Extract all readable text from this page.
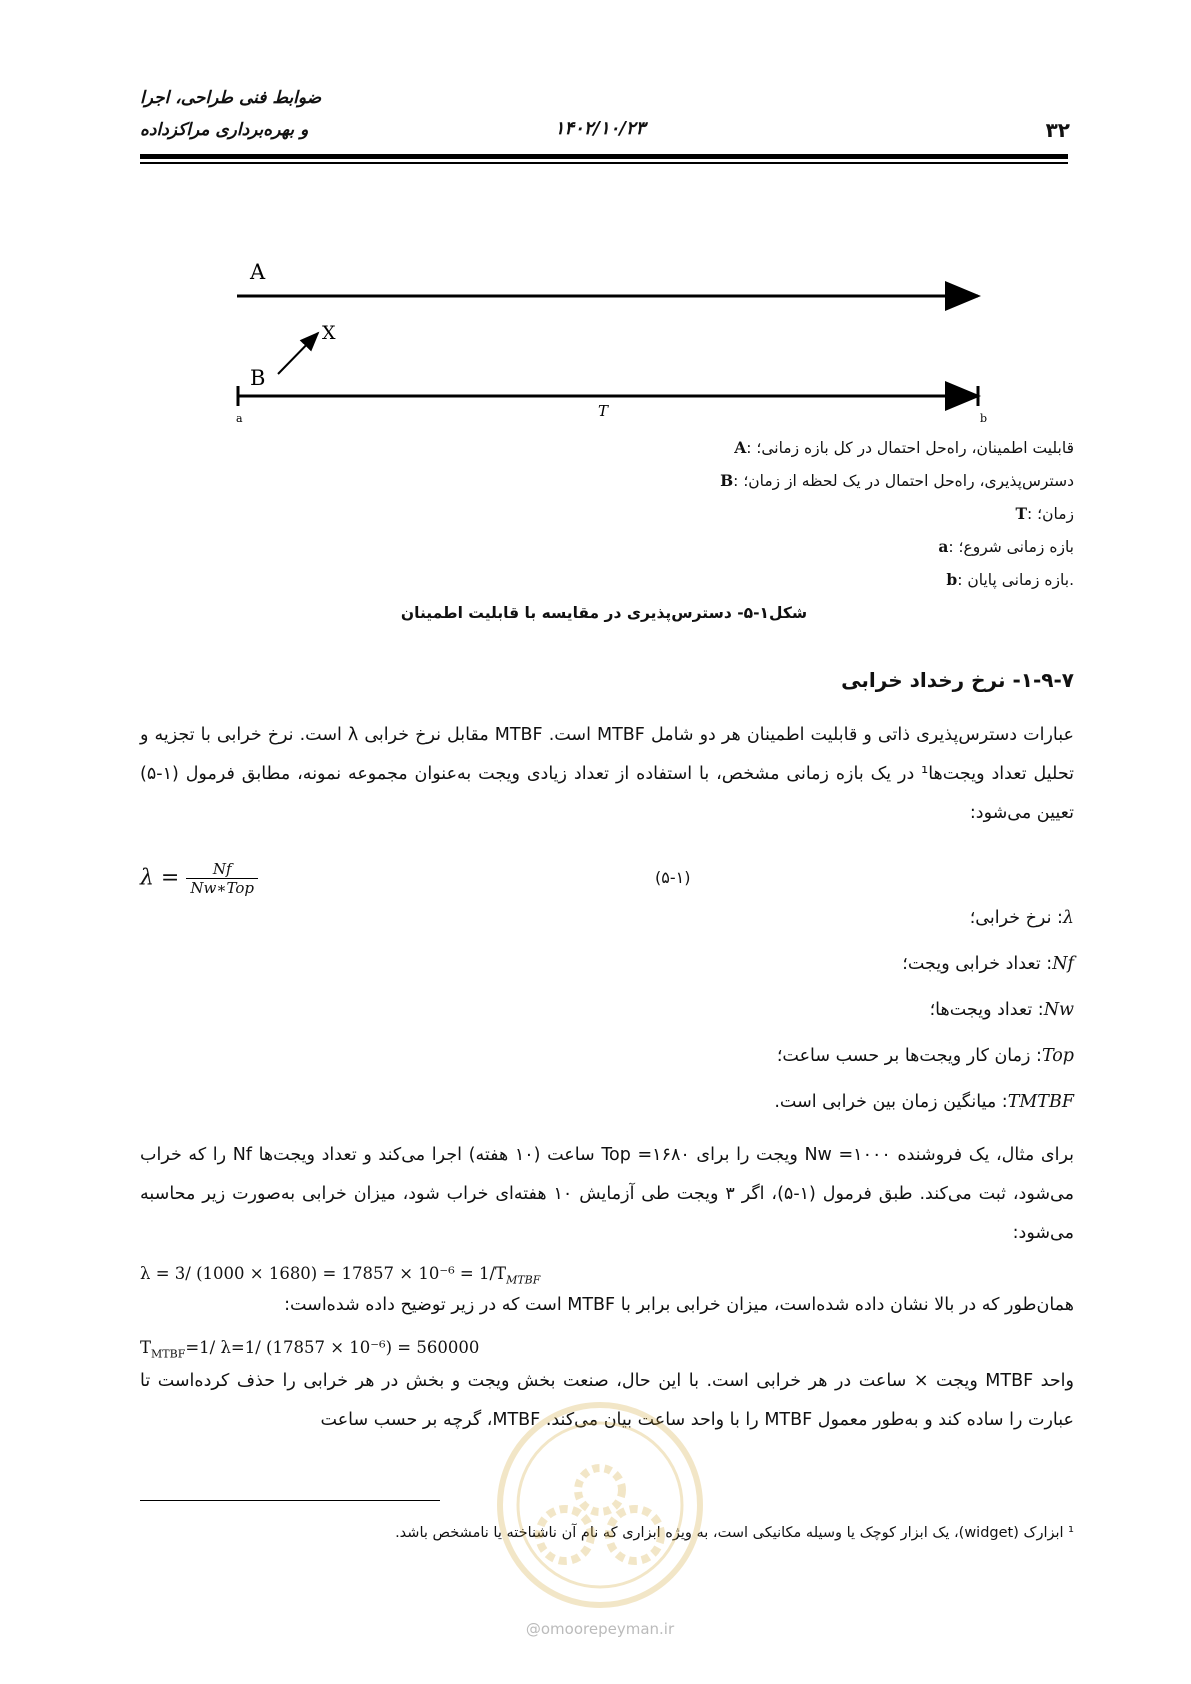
ضوابط فنی طراحی، اجرا
و بهره‌برداری مراکزداده	۱۴۰۲/۱۰/۲۳	۳۲
A
X
B
T
a	b
A: قابلیت اطمینان، راه‌حل احتمال در کل بازه زمانی؛
B: دسترس‌پذیری، راه‌حل احتمال در یک لحظه از زمان؛
T: زمان؛
a: بازه زمانی شروع؛
b: بازه زمانی پایان.
شکل۱-۵- دسترس‌پذیری در مقایسه با قابلیت اطمینان
۱-۹-۷- نرخ رخداد خرابی
عبارات دسترس‌پذیری ذاتی و قابلیت اطمینان هر دو شامل MTBF است. MTBF مقابل نرخ خرابی λ است. نرخ خرابی با تجزیه و تحلیل تعداد ویجت‌ها¹ در یک بازه زمانی مشخص، با استفاده از تعداد زیادی ویجت به‌عنوان مجموعه نمونه، مطابق فرمول (۱-۵) تعیین می‌شود:
$\lambda = \frac{Nf}{\text{Nw∗Top}}$	(۵-۱)
λ: نرخ خرابی؛
Nf: تعداد خرابی ویجت؛
Nw: تعداد ویجت‌ها؛
Top: زمان کار ویجت‌ها بر حسب ساعت؛
TMTBF: میانگین زمان بین خرابی است.
برای مثال، یک فروشنده ۱۰۰۰= Nw ویجت را برای ۱۶۸۰= Top ساعت (۱۰ هفته) اجرا می‌کند و تعداد ویجت‌ها Nf را که خراب می‌شود، ثبت می‌کند. طبق فرمول (۱-۵)، اگر ۳ ویجت طی آزمایش ۱۰ هفته‌ای خراب شود، میزان خرابی به‌صورت زیر محاسبه می‌شود:
λ = 3/ $(1000 \times 1680) = 17857 \times 10^{-6} = 1/T_{MTBF}$
همان‌طور که در بالا نشان داده شده‌است، میزان خرابی برابر با MTBF است که در زیر توضیح داده شده‌است:
$T_{MTBF}=1/$ λ=1/ (17857 × 10⁻⁶) = 560000
واحد MTBF ویجت × ساعت در هر خرابی است. با این حال، صنعت بخش ویجت و بخش در هر خرابی را حذف کرده‌است تا عبارت را ساده کند و به‌طور معمول MTBF را با واحد ساعت بیان می‌کند. MTBF، گرچه بر حسب ساعت
¹ ابزارک (widget)، یک ابزار کوچک یا وسیله مکانیکی است، به ویژه ابزاری که نام آن ناشناخته یا نامشخص باشد.
@omoorepeyman.ir
